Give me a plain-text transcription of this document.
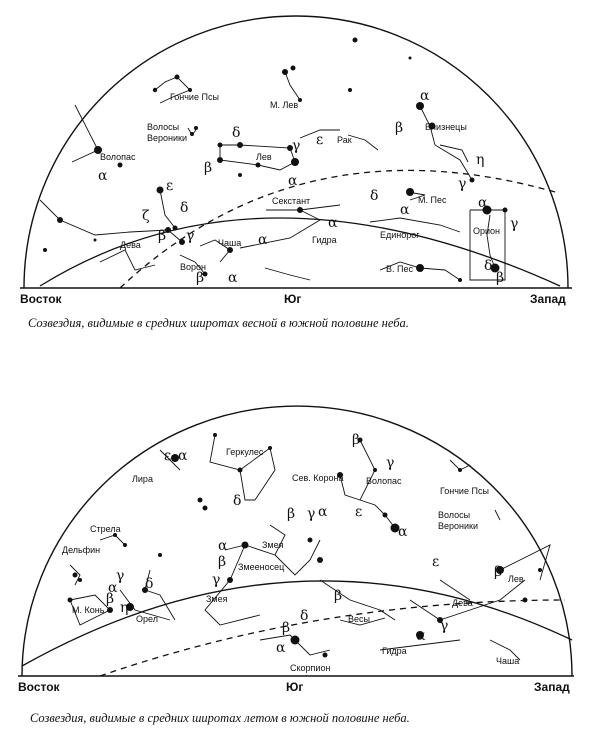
Гончие Псы
М. Лев
Волосы
Вероники
Волопас	Лев
Рак
Близнецы
М. Пес
Секстант
Дева	Гидра	Единорог	Орион
Чаша
Ворон	В. Пес
α	β
δ
γ ε
α
ε
β
α
γ
η
δ
ζ δ
γ
β
α
γ
β
δ
α
α
α
β α
Восток	Юг	Запад
Созвездия, видимые в средних широтах весной в южной половине неба.
Геркулес
Сев. Корона Волопас
Гончие Псы
Лира
Волосы
Вероники
Стрела
Дельфин
М. Конь
Змея
Змееносец
Змея
Орел	Весы
Дева
Лев
Гидра
Чаша
Скорпион
ε α
β
γ
ε
α
δ
β γ α
α
β
γ
δ
γ
α
β
η
β
ε
β
α
γ
α
δ
β
Восток	Юг	Запад
Созвездия, видимые в средних широтах летом в южной половине неба.
